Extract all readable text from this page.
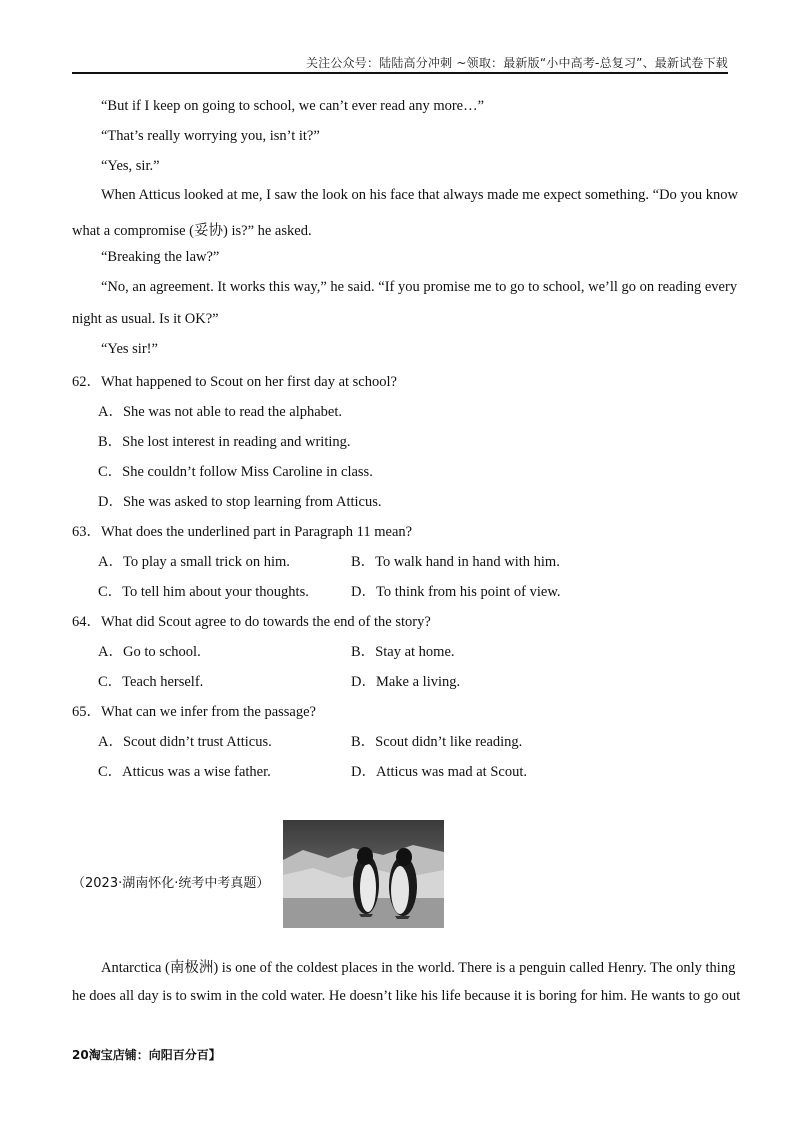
关注公众号：陆陆高分冲刺 ~领取：最新版“小中高考-总复习”、最新试卷下载
“But if I keep on going to school, we can’t ever read any more…”
“That’s really worrying you, isn’t it?”
“Yes, sir.”
When Atticus looked at me, I saw the look on his face that always made me expect something. “Do you know
what a compromise (妥协) is?” he asked.
“Breaking the law?”
“No, an agreement. It works this way,” he said. “If you promise me to go to school, we’ll go on reading every
night as usual. Is it OK?”
“Yes sir!”
62．What happened to Scout on her first day at school?
A．She was not able to read the alphabet.
B．She lost interest in reading and writing.
C．She couldn’t follow Miss Caroline in class.
D．She was asked to stop learning from Atticus.
63．What does the underlined part in Paragraph 11 mean?
A．To play a small trick on him.	B．To walk hand in hand with him.
C．To tell him about your thoughts.	D．To think from his point of view.
64．What did Scout agree to do towards the end of the story?
A．Go to school.	B．Stay at home.
C．Teach herself.	D．Make a living.
65．What can we infer from the passage?
A．Scout didn’t trust Atticus.	B．Scout didn’t like reading.
C．Atticus was a wise father.	D．Atticus was mad at Scout.
（2023·湖南怀化·统考中考真题）
Antarctica (南极洲) is one of the coldest places in the world. There is a penguin called Henry. The only thing
he does all day is to swim in the cold water. He doesn’t like his life because it is boring for him. He wants to go out
20淘宝店铺：向阳百分百】
